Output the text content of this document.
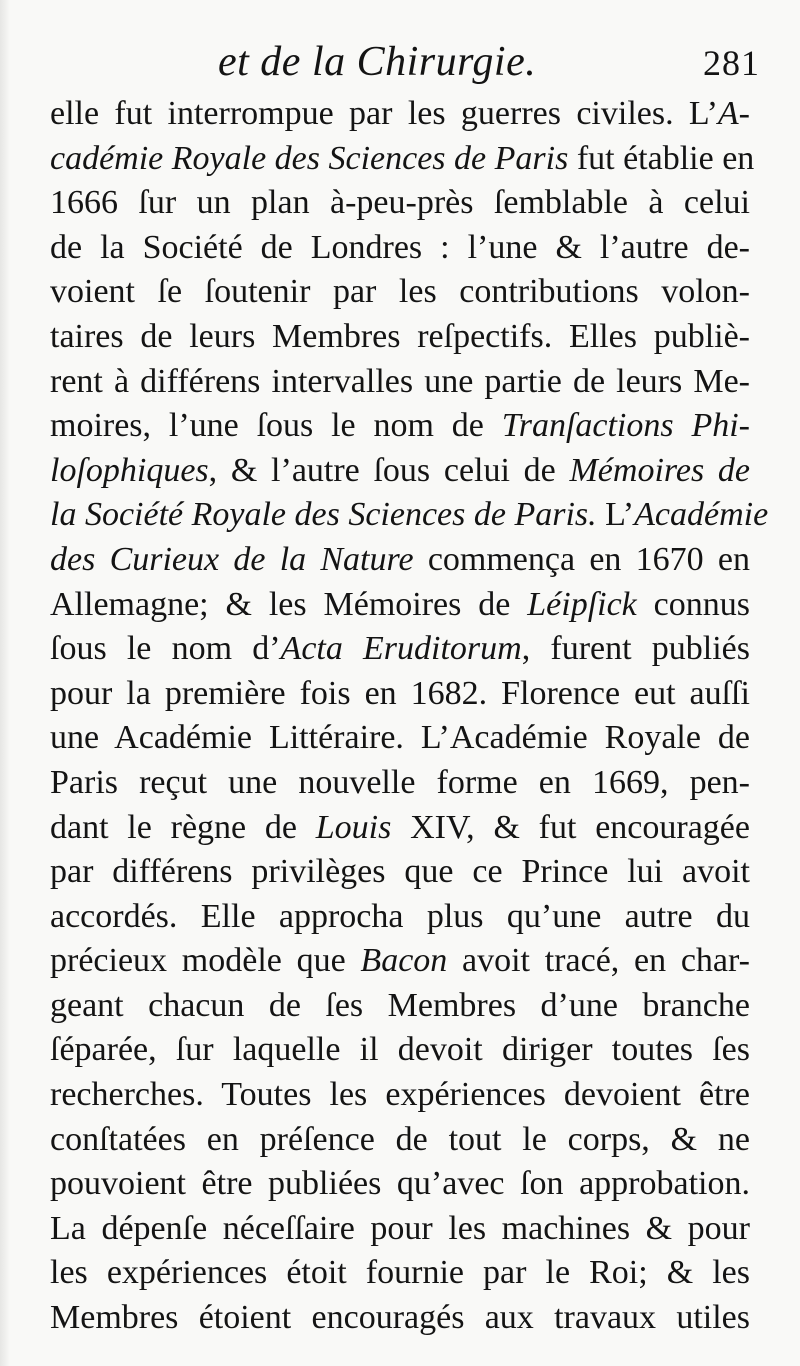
et de la Chirurgie.	281
elle fut interrompue par les guerres civiles. L’A-
cadémie Royale des Sciences de Paris fut établie en
1666 ſur un plan à-peu-près ſemblable à celui
de la Société de Londres : l’une & l’autre de-
voient ſe ſoutenir par les contributions volon-
taires de leurs Membres reſpectifs. Elles publiè-
rent à différens intervalles une partie de leurs Me-
moires, l’une ſous le nom de Tranſactions Phi-
loſophiques, & l’autre ſous celui de Mémoires de
la Société Royale des Sciences de Paris. L’Académie
des Curieux de la Nature commença en 1670 en
Allemagne; & les Mémoires de Léipſick connus
ſous le nom d’Acta Eruditorum, furent publiés
pour la première fois en 1682. Florence eut auſſi
une Académie Littéraire. L’Académie Royale de
Paris reçut une nouvelle forme en 1669, pen-
dant le règne de Louis XIV, & fut encouragée
par différens privilèges que ce Prince lui avoit
accordés. Elle approcha plus qu’une autre du
précieux modèle que Bacon avoit tracé, en char-
geant chacun de ſes Membres d’une branche
ſéparée, ſur laquelle il devoit diriger toutes ſes
recherches. Toutes les expériences devoient être
conſtatées en préſence de tout le corps, & ne
pouvoient être publiées qu’avec ſon approbation.
La dépenſe néceſſaire pour les machines & pour
les expériences étoit fournie par le Roi; & les
Membres étoient encouragés aux travaux utiles
